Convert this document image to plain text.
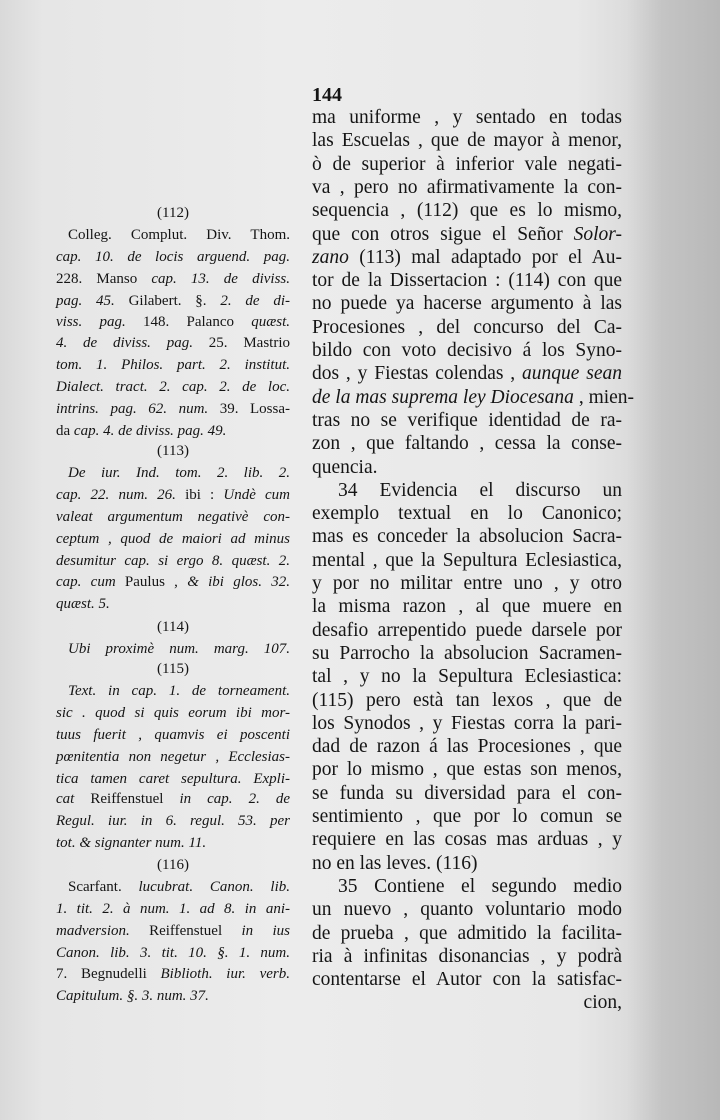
144
(112)
Colleg. Complut. Div. Thom.
cap. 10. de locis arguend. pag.
228. Manso cap. 13. de diviss.
pag. 45. Gilabert. §. 2. de di-
viss. pag. 148. Palanco quæst.
4. de diviss. pag. 25. Mastrio
tom. 1. Philos. part. 2. institut.
Dialect. tract. 2. cap. 2. de loc.
intrins. pag. 62. num. 39. Lossa-
da cap. 4. de diviss. pag. 49.
(113)
De iur. Ind. tom. 2. lib. 2.
cap. 22. num. 26. ibi : Undè cum
valeat argumentum negativè con-
ceptum , quod de maiori ad minus
desumitur cap. si ergo 8. quæst. 2.
cap. cum Paulus , & ibi glos. 32.
quæst. 5.
(114)
Ubi proximè num. marg. 107.
(115)
Text. in cap. 1. de torneament.
sic . quod si quis eorum ibi mor-
tuus fuerit , quamvis ei poscenti
pœnitentia non negetur , Ecclesias-
tica tamen caret sepultura. Expli-
cat Reiffenstuel in cap. 2. de
Regul. iur. in 6. regul. 53. per
tot. & signanter num. 11.
(116)
Scarfant. lucubrat. Canon. lib.
1. tit. 2. à num. 1. ad 8. in ani-
madversion. Reiffenstuel in ius
Canon. lib. 3. tit. 10. §. 1. num.
7. Begnudelli Biblioth. iur. verb.
Capitulum. §. 3. num. 37.
ma uniforme , y sentado en todas
las Escuelas , que de mayor à menor,
ò de superior à inferior vale negati-
va , pero no afirmativamente la con-
sequencia , (112) que es lo mismo,
que con otros sigue el Señor Solor-
zano (113) mal adaptado por el Au-
tor de la Dissertacion : (114) con que
no puede ya hacerse argumento à las
Procesiones , del concurso del Ca-
bildo con voto decisivo á los Syno-
dos , y Fiestas colendas , aunque sean
de la mas suprema ley Diocesana , mien-
tras no se verifique identidad de ra-
zon , que faltando , cessa la conse-
quencia.
34 Evidencia el discurso un
exemplo textual en lo Canonico;
mas es conceder la absolucion Sacra-
mental , que la Sepultura Eclesiastica,
y por no militar entre uno , y otro
la misma razon , al que muere en
desafio arrepentido puede darsele por
su Parrocho la absolucion Sacramen-
tal , y no la Sepultura Eclesiastica:
(115) pero està tan lexos , que de
los Synodos , y Fiestas corra la pari-
dad de razon á las Procesiones , que
por lo mismo , que estas son menos,
se funda su diversidad para el con-
sentimiento , que por lo comun se
requiere en las cosas mas arduas , y
no en las leves. (116)
35 Contiene el segundo medio
un nuevo , quanto voluntario modo
de prueba , que admitido la facilita-
ria à infinitas disonancias , y podrà
contentarse el Autor con la satisfac-
cion,
